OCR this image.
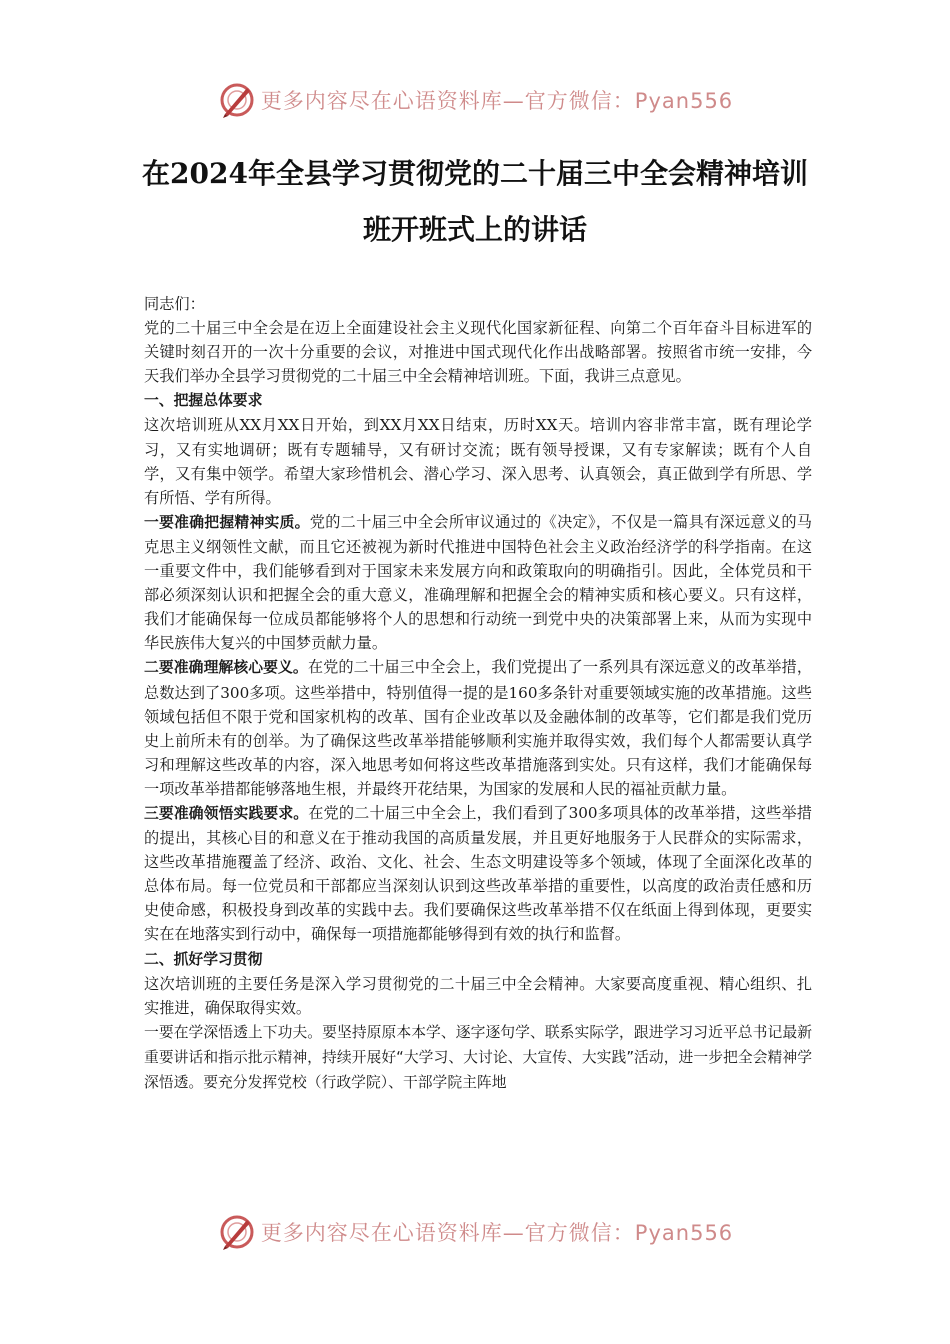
更多内容尽在心语资料库—官方微信：Pyan556
在2024年全县学习贯彻党的二十届三中全会精神培训班开班式上的讲话

同志们：

党的二十届三中全会是在迈上全面建设社会主义现代化国家新征程、向第二个百年奋斗目标进军的关键时刻召开的一次十分重要的会议，对推进中国式现代化作出战略部署。按照省市统一安排，今天我们举办全县学习贯彻党的二十届三中全会精神培训班。下面，我讲三点意见。

一、把握总体要求

这次培训班从XX月XX日开始，到XX月XX日结束，历时XX天。培训内容非常丰富，既有理论学习，又有实地调研；既有专题辅导，又有研讨交流；既有领导授课，又有专家解读；既有个人自学，又有集中领学。希望大家珍惜机会、潜心学习、深入思考、认真领会，真正做到学有所思、学有所悟、学有所得。

一要准确把握精神实质。党的二十届三中全会所审议通过的《决定》，不仅是一篇具有深远意义的马克思主义纲领性文献，而且它还被视为新时代推进中国特色社会主义政治经济学的科学指南。在这一重要文件中，我们能够看到对于国家未来发展方向和政策取向的明确指引。因此，全体党员和干部必须深刻认识和把握全会的重大意义，准确理解和把握全会的精神实质和核心要义。只有这样，我们才能确保每一位成员都能够将个人的思想和行动统一到党中央的决策部署上来，从而为实现中华民族伟大复兴的中国梦贡献力量。

二要准确理解核心要义。在党的二十届三中全会上，我们党提出了一系列具有深远意义的改革举措，总数达到了300多项。这些举措中，特别值得一提的是160多条针对重要领域实施的改革措施。这些领域包括但不限于党和国家机构的改革、国有企业改革以及金融体制的改革等，它们都是我们党历史上前所未有的创举。为了确保这些改革举措能够顺利实施并取得实效，我们每个人都需要认真学习和理解这些改革的内容，深入地思考如何将这些改革措施落到实处。只有这样，我们才能确保每一项改革举措都能够落地生根，并最终开花结果，为国家的发展和人民的福祉贡献力量。

三要准确领悟实践要求。在党的二十届三中全会上，我们看到了300多项具体的改革举措，这些举措的提出，其核心目的和意义在于推动我国的高质量发展，并且更好地服务于人民群众的实际需求，这些改革措施覆盖了经济、政治、文化、社会、生态文明建设等多个领域，体现了全面深化改革的总体布局。每一位党员和干部都应当深刻认识到这些改革举措的重要性，以高度的政治责任感和历史使命感，积极投身到改革的实践中去。我们要确保这些改革举措不仅在纸面上得到体现，更要实实在在地落实到行动中，确保每一项措施都能够得到有效的执行和监督。

二、抓好学习贯彻

这次培训班的主要任务是深入学习贯彻党的二十届三中全会精神。大家要高度重视、精心组织、扎实推进，确保取得实效。

一要在学深悟透上下功夫。要坚持原原本本学、逐字逐句学、联系实际学，跟进学习习近平总书记最新重要讲话和指示批示精神，持续开展好“大学习、大讨论、大宣传、大实践”活动，进一步把全会精神学深悟透。要充分发挥党校（行政学院）、干部学院主阵地

更多内容尽在心语资料库—官方微信：Pyan556
